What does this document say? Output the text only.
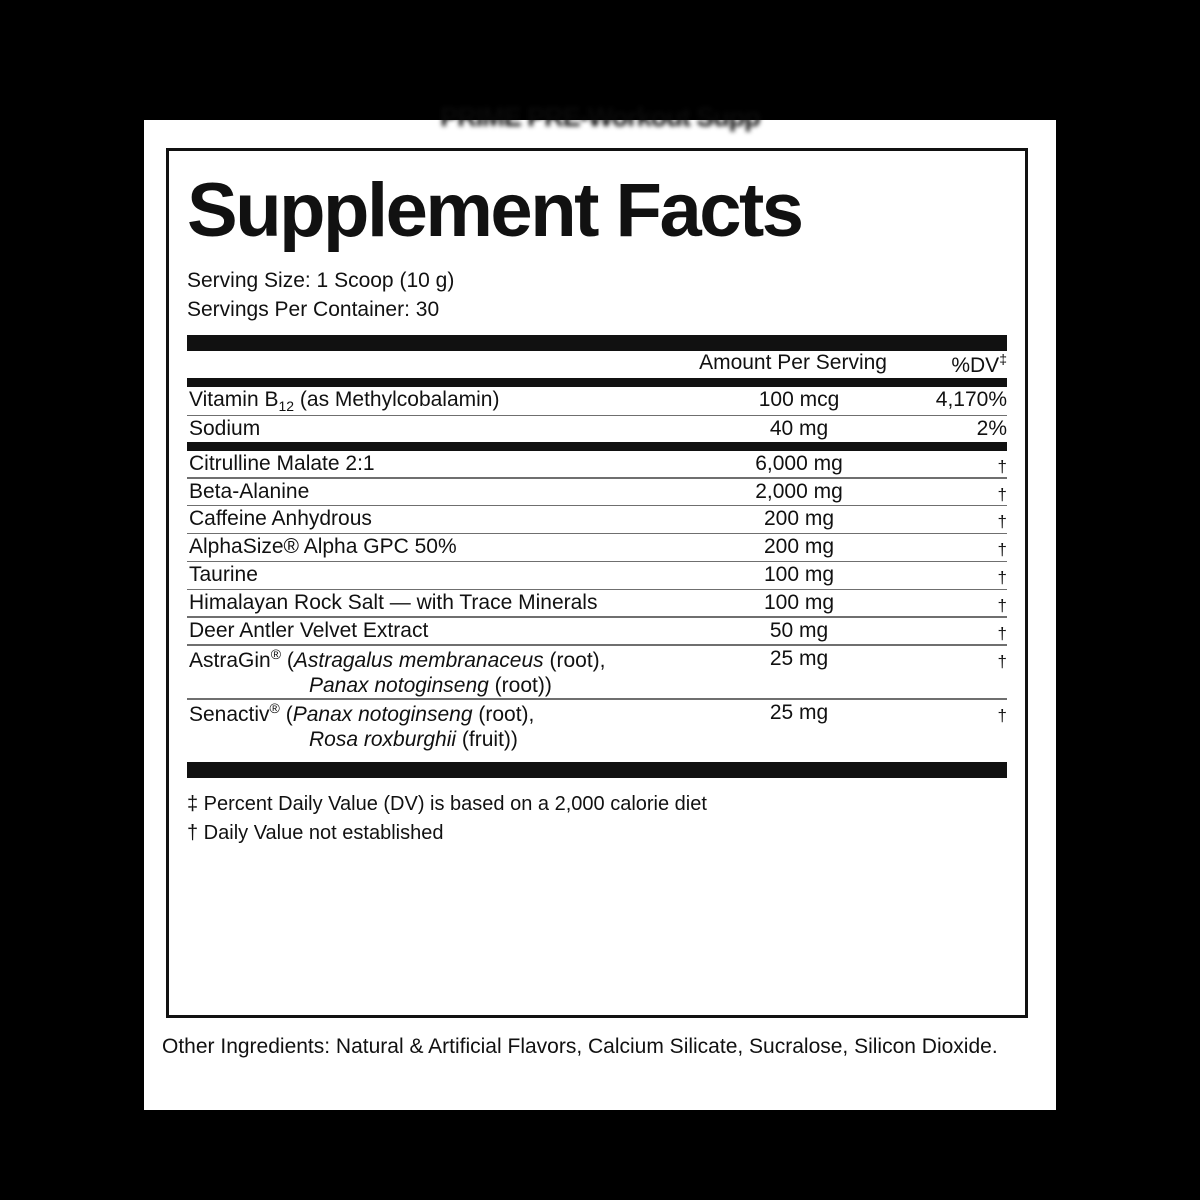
PRIME PRE-Workout Supp
Supplement Facts
Serving Size: 1 Scoop (10 g)
Servings Per Container: 30
	Amount Per Serving	%DV‡
Vitamin $B_{12}$ (as Methylcobalamin)	100 mcg	4,170%
Sodium	40 mg	2%
Citrulline Malate 2:1	6,000 mg	†
Beta-Alanine	2,000 mg	†
Caffeine Anhydrous	200 mg	†
AlphaSize® Alpha GPC 50%	200 mg	†
Taurine	100 mg	†
Himalayan Rock Salt — with Trace Minerals	100 mg	†
Deer Antler Velvet Extract	50 mg	†
AstraGin® (Astragalus membranaceus (root),
Panax notoginseng (root))
	25 mg	†
Senactiv® (Panax notoginseng (root),
Rosa roxburghii (fruit))
	25 mg	†
‡ Percent Daily Value (DV) is based on a 2,000 calorie diet
† Daily Value not established
Other Ingredients: Natural & Artificial Flavors, Calcium Silicate, Sucralose, Silicon Dioxide.
